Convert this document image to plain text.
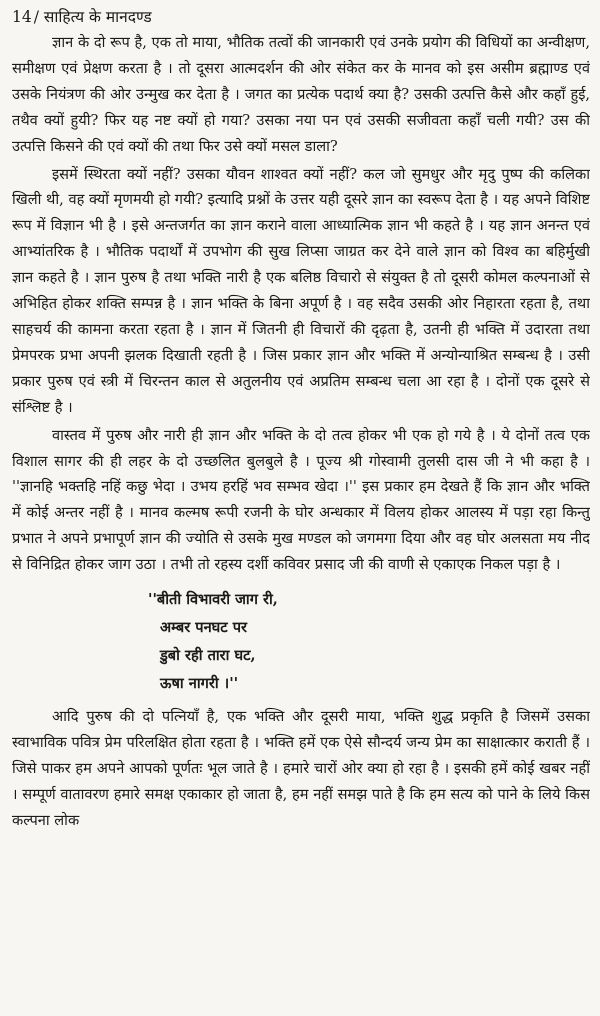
14 / साहित्य के मानदण्ड

ज्ञान के दो रूप है, एक तो माया, भौतिक तत्वों की जानकारी एवं उनके प्रयोग की विधियों का अन्वीक्षण, समीक्षण एवं प्रेक्षण करता है । तो दूसरा आत्मदर्शन की ओर संकेत कर के मानव को इस असीम ब्रह्माण्ड एवं उसके नियंत्रण की ओर उन्मुख कर देता है । जगत का प्रत्येक पदार्थ क्या है? उसकी उत्पत्ति कैसे और कहाँ हुई, तथैव क्यों हुयी? फिर यह नष्ट क्यों हो गया? उसका नया पन एवं उसकी सजीवता कहाँ चली गयी? उस की उत्पत्ति किसने की एवं क्यों की तथा फिर उसे क्यों मसल डाला?

इसमें स्थिरता क्यों नहीं? उसका यौवन शाश्वत क्यों नहीं? कल जो सुमधुर और मृदु पुष्प की कलिका खिली थी, वह क्यों मृणमयी हो गयी? इत्यादि प्रश्नों के उत्तर यही दूसरे ज्ञान का स्वरूप देता है । यह अपने विशिष्ट रूप में विज्ञान भी है । इसे अन्तजर्गत का ज्ञान कराने वाला आध्यात्मिक ज्ञान भी कहते है । यह ज्ञान अनन्त एवं आभ्यांतरिक है । भौतिक पदार्थों में उपभोग की सुख लिप्सा जाग्रत कर देने वाले ज्ञान को विश्व का बहिर्मुखी ज्ञान कहते है । ज्ञान पुरुष है तथा भक्ति नारी है एक बलिष्ठ विचारो से संयुक्त है तो दूसरी कोमल कल्पनाओं से अभिहित होकर शक्ति सम्पन्न है । ज्ञान भक्ति के बिना अपूर्ण है । वह सदैव उसकी ओर निहारता रहता है, तथा साहचर्य की कामना करता रहता है । ज्ञान में जितनी ही विचारों की दृढ़ता है, उतनी ही भक्ति में उदारता तथा प्रेमपरक प्रभा अपनी झलक दिखाती रहती है । जिस प्रकार ज्ञान और भक्ति में अन्योन्याश्रित सम्बन्ध है । उसी प्रकार पुरुष एवं स्त्री में चिरन्तन काल से अतुलनीय एवं अप्रतिम सम्बन्ध चला आ रहा है । दोनों एक दूसरे से संश्लिष्ट है ।

वास्तव में पुरुष और नारी ही ज्ञान और भक्ति के दो तत्व होकर भी एक हो गये है । ये दोनों तत्व एक विशाल सागर की ही लहर के दो उच्छलित बुलबुले है । पूज्य श्री गोस्वामी तुलसी दास जी ने भी कहा है । ''ज्ञानहि भक्तहि नहिं कछु भेदा । उभय हरहिं भव सम्भव खेदा ।'' इस प्रकार हम देखते हैं कि ज्ञान और भक्ति में कोई अन्तर नहीं है । मानव कल्मष रूपी रजनी के घोर अन्धकार में विलय होकर आलस्य में पड़ा रहा किन्तु प्रभात ने अपने प्रभापूर्ण ज्ञान की ज्योति से उसके मुख मण्डल को जगमगा दिया और वह घोर अलसता मय नीद से विनिद्रित होकर जाग उठा । तभी तो रहस्य दर्शी कविवर प्रसाद जी की वाणी से एकाएक निकल पड़ा है ।

''बीती विभावरी जाग री,
अम्बर पनघट पर
डुबो रही तारा घट,
ऊषा नागरी ।''

आदि पुरुष की दो पत्नियाँ है, एक भक्ति और दूसरी माया, भक्ति शुद्ध प्रकृति है जिसमें उसका स्वाभाविक पवित्र प्रेम परिलक्षित होता रहता है । भक्ति हमें एक ऐसे सौन्दर्य जन्य प्रेम का साक्षात्कार कराती हैं । जिसे पाकर हम अपने आपको पूर्णतः भूल जाते है । हमारे चारों ओर क्या हो रहा है । इसकी हमें कोई खबर नहीं । सम्पूर्ण वातावरण हमारे समक्ष एकाकार हो जाता है, हम नहीं समझ पाते है कि हम सत्य को पाने के लिये किस कल्पना लोक
